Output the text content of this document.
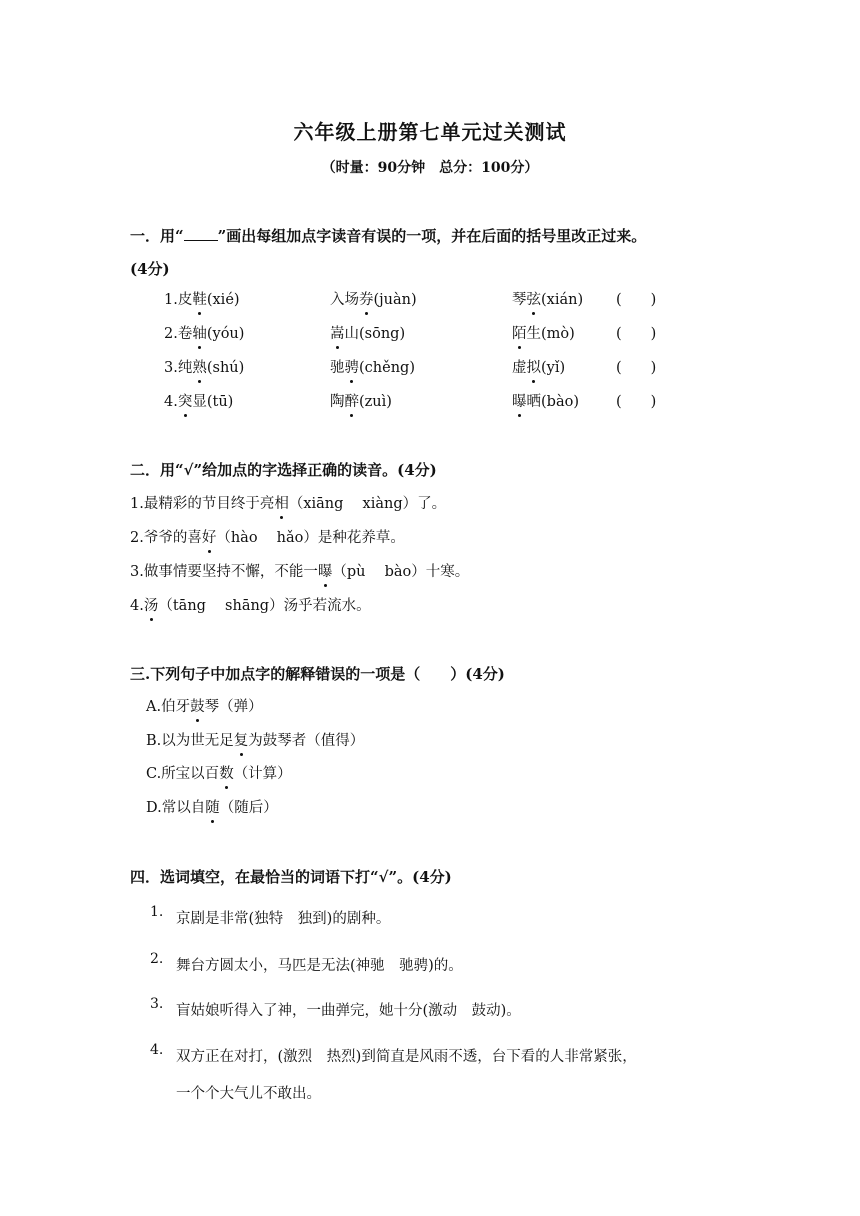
六年级上册第七单元过关测试
（时量：90分钟　总分：100分）
一．用“ ”画出每组加点字读音有误的一项，并在后面的括号里改正过来。
(4分)
1.皮鞋(xié)	入场券(juàn)	琴弦(xián) (　　)
2.卷轴(yóu)	嵩山(sōng)	陌生(mò)	(　　)
3.纯熟(shú)	驰骋(chěng)	虚拟(yǐ)	(　　)
4.突显(tū)	陶醉(zuì)	曝晒(bào)	(　　)
二．用“√”给加点的字选择正确的读音。(4分)
1.最精彩的节目终于亮相（xiāng　 xiàng）了。
2.爷爷的喜好（hào　 hǎo）是种花养草。
3.做事情要坚持不懈，不能一曝（pù　 bào）十寒。
4.汤（tāng　 shāng）汤乎若流水。
三.下列句子中加点字的解释错误的一项是（　　）(4分)
A.伯牙鼓琴（弹）
B.以为世无足复为鼓琴者（值得）
C.所宝以百数（计算）
D.常以自随（随后）
四．选词填空，在最恰当的词语下打“√”。(4分)
1. 京剧是非常(独特　独到)的剧种。
2. 舞台方圆太小，马匹是无法(神驰　驰骋)的。
3. 盲姑娘听得入了神，一曲弹完，她十分(激动　鼓动)。
4. 双方正在对打，(激烈　热烈)到简直是风雨不透，台下看的人非常紧张，
一个个大气儿不敢出。
